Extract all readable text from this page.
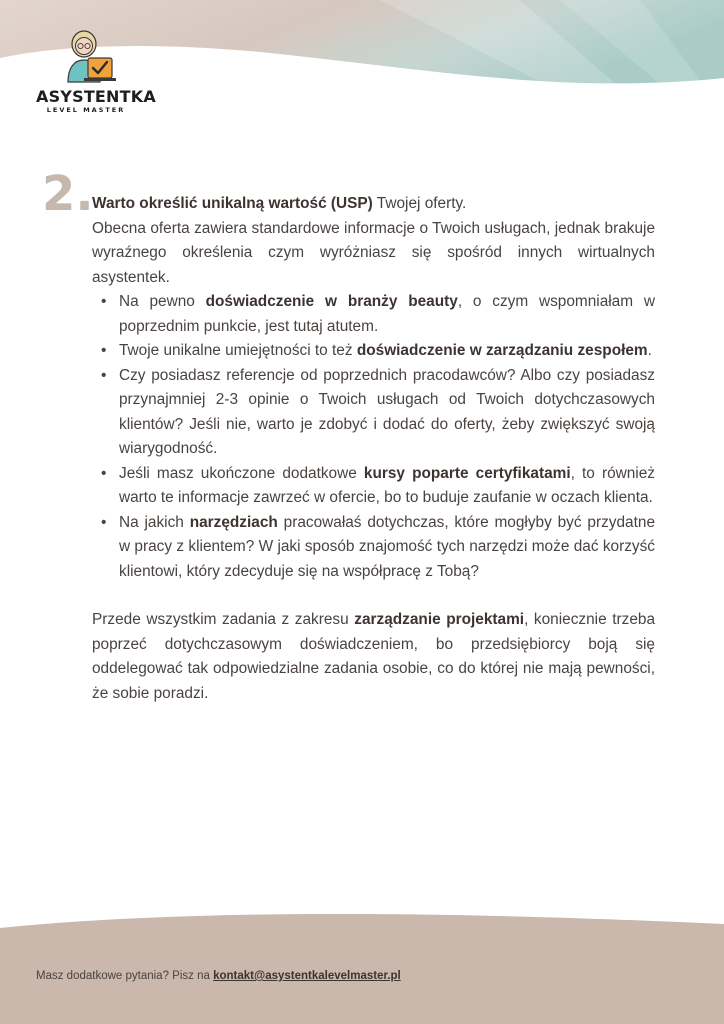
ASYSTENTKA
LEVEL MASTER
2.

Warto określić unikalną wartość (USP) Twojej oferty.

Obecna oferta zawiera standardowe informacje o Twoich usługach, jednak brakuje wyraźnego określenia czym wyróżniasz się spośród innych wirtualnych asystentek.

• Na pewno doświadczenie w branży beauty, o czym wspomniałam w poprzednim punkcie, jest tutaj atutem.
• Twoje unikalne umiejętności to też doświadczenie w zarządzaniu zespołem.
• Czy posiadasz referencje od poprzednich pracodawców? Albo czy posiadasz przynajmniej 2-3 opinie o Twoich usługach od Twoich dotychczasowych klientów? Jeśli nie, warto je zdobyć i dodać do oferty, żeby zwiększyć swoją wiarygodność.
• Jeśli masz ukończone dodatkowe kursy poparte certyfikatami, to również warto te informacje zawrzeć w ofercie, bo to buduje zaufanie w oczach klienta.
• Na jakich narzędziach pracowałaś dotychczas, które mogłyby być przydatne w pracy z klientem? W jaki sposób znajomość tych narzędzi może dać korzyść klientowi, który zdecyduje się na współpracę z Tobą?

Przede wszystkim zadania z zakresu zarządzanie projektami, koniecznie trzeba poprzeć dotychczasowym doświadczeniem, bo przedsiębiorcy boją się oddelegować tak odpowiedzialne zadania osobie, co do której nie mają pewności, że sobie poradzi.

Masz dodatkowe pytania? Pisz na kontakt@asystentkalevelmaster.pl
